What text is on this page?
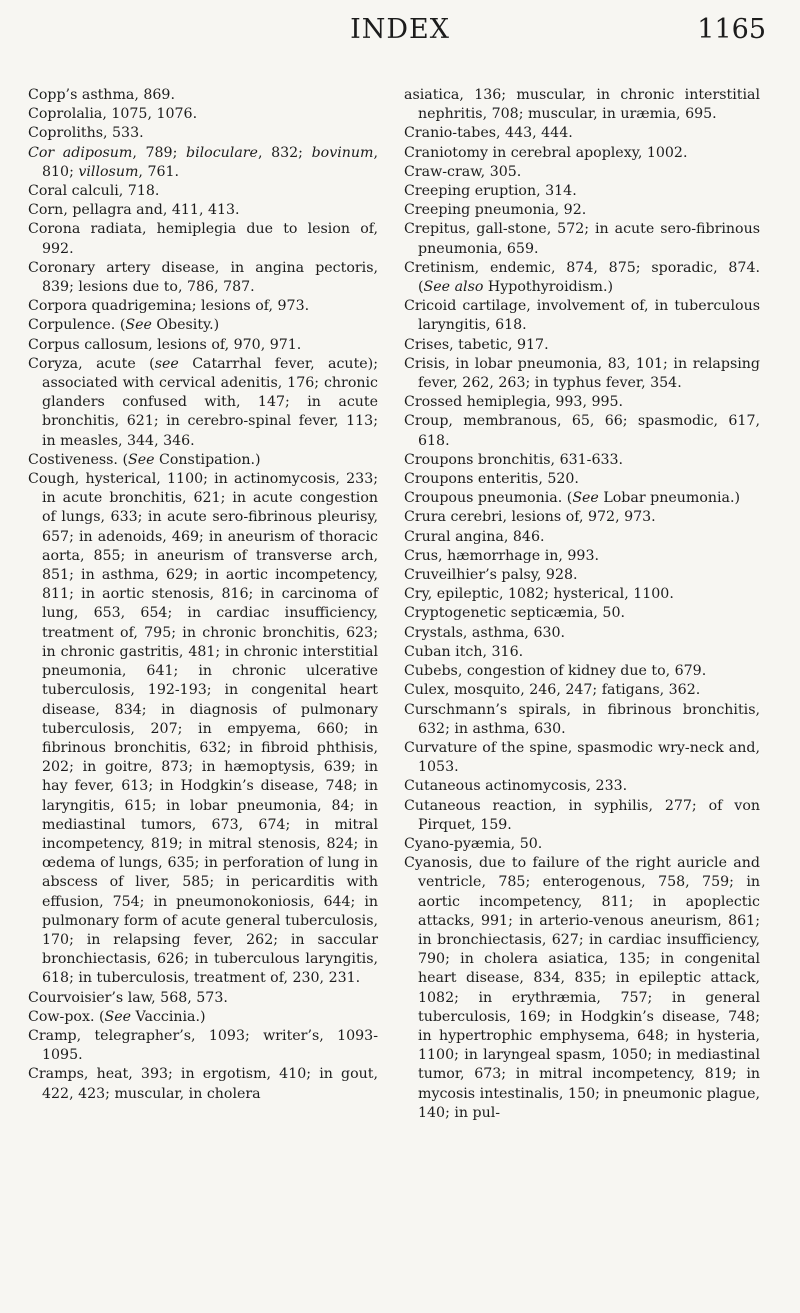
INDEX	1165

Copp’s asthma, 869.

Coprolalia, 1075, 1076.

Coproliths, 533.

Cor adiposum, 789; biloculare, 832; bovinum, 810; villosum, 761.

Coral calculi, 718.

Corn, pellagra and, 411, 413.

Corona radiata, hemiplegia due to lesion of, 992.

Coronary artery disease, in angina pectoris, 839; lesions due to, 786, 787.

Corpora quadrigemina; lesions of, 973.

Corpulence. (See Obesity.)

Corpus callosum, lesions of, 970, 971.

Coryza, acute (see Catarrhal fever, acute); associated with cervical adenitis, 176; chronic glanders confused with, 147; in acute bronchitis, 621; in cerebro-spinal fever, 113; in measles, 344, 346.

Costiveness. (See Constipation.)

Cough, hysterical, 1100; in actinomycosis, 233; in acute bronchitis, 621; in acute congestion of lungs, 633; in acute sero-fibrinous pleurisy, 657; in adenoids, 469; in aneurism of thoracic aorta, 855; in aneurism of transverse arch, 851; in asthma, 629; in aortic incompetency, 811; in aortic stenosis, 816; in carcinoma of lung, 653, 654; in cardiac insufficiency, treatment of, 795; in chronic bronchitis, 623; in chronic gastritis, 481; in chronic interstitial pneumonia, 641; in chronic ulcerative tuberculosis, 192-193; in congenital heart disease, 834; in diagnosis of pulmonary tuberculosis, 207; in empyema, 660; in fibrinous bronchitis, 632; in fibroid phthisis, 202; in goitre, 873; in hæmoptysis, 639; in hay fever, 613; in Hodgkin’s disease, 748; in laryngitis, 615; in lobar pneumonia, 84; in mediastinal tumors, 673, 674; in mitral incompetency, 819; in mitral stenosis, 824; in œdema of lungs, 635; in perforation of lung in abscess of liver, 585; in pericarditis with effusion, 754; in pneumonokoniosis, 644; in pulmonary form of acute general tuberculosis, 170; in relapsing fever, 262; in saccular bronchiectasis, 626; in tuberculous laryngitis, 618; in tuberculosis, treatment of, 230, 231.

Courvoisier’s law, 568, 573.

Cow-pox. (See Vaccinia.)

Cramp, telegrapher’s, 1093; writer’s, 1093-1095.

Cramps, heat, 393; in ergotism, 410; in gout, 422, 423; muscular, in cholera

asiatica, 136; muscular, in chronic interstitial nephritis, 708; muscular, in uræmia, 695.

Cranio-tabes, 443, 444.

Craniotomy in cerebral apoplexy, 1002.

Craw-craw, 305.

Creeping eruption, 314.

Creeping pneumonia, 92.

Crepitus, gall-stone, 572; in acute sero-fibrinous pneumonia, 659.

Cretinism, endemic, 874, 875; sporadic, 874. (See also Hypothyroidism.)

Cricoid cartilage, involvement of, in tuberculous laryngitis, 618.

Crises, tabetic, 917.

Crisis, in lobar pneumonia, 83, 101; in relapsing fever, 262, 263; in typhus fever, 354.

Crossed hemiplegia, 993, 995.

Croup, membranous, 65, 66; spasmodic, 617, 618.

Croupons bronchitis, 631-633.

Croupons enteritis, 520.

Croupous pneumonia. (See Lobar pneumonia.)

Crura cerebri, lesions of, 972, 973.

Crural angina, 846.

Crus, hæmorrhage in, 993.

Cruveilhier’s palsy, 928.

Cry, epileptic, 1082; hysterical, 1100.

Cryptogenetic septicæmia, 50.

Crystals, asthma, 630.

Cuban itch, 316.

Cubebs, congestion of kidney due to, 679.

Culex, mosquito, 246, 247; fatigans, 362.

Curschmann’s spirals, in fibrinous bronchitis, 632; in asthma, 630.

Curvature of the spine, spasmodic wry-neck and, 1053.

Cutaneous actinomycosis, 233.

Cutaneous reaction, in syphilis, 277; of von Pirquet, 159.

Cyano-pyæmia, 50.

Cyanosis, due to failure of the right auricle and ventricle, 785; enterogenous, 758, 759; in aortic incompetency, 811; in apoplectic attacks, 991; in arterio-venous aneurism, 861; in bronchiectasis, 627; in cardiac insufficiency, 790; in cholera asiatica, 135; in congenital heart disease, 834, 835; in epileptic attack, 1082; in erythræmia, 757; in general tuberculosis, 169; in Hodgkin’s disease, 748; in hypertrophic emphysema, 648; in hysteria, 1100; in laryngeal spasm, 1050; in mediastinal tumor, 673; in mitral incompetency, 819; in mycosis intestinalis, 150; in pneumonic plague, 140; in pul-
